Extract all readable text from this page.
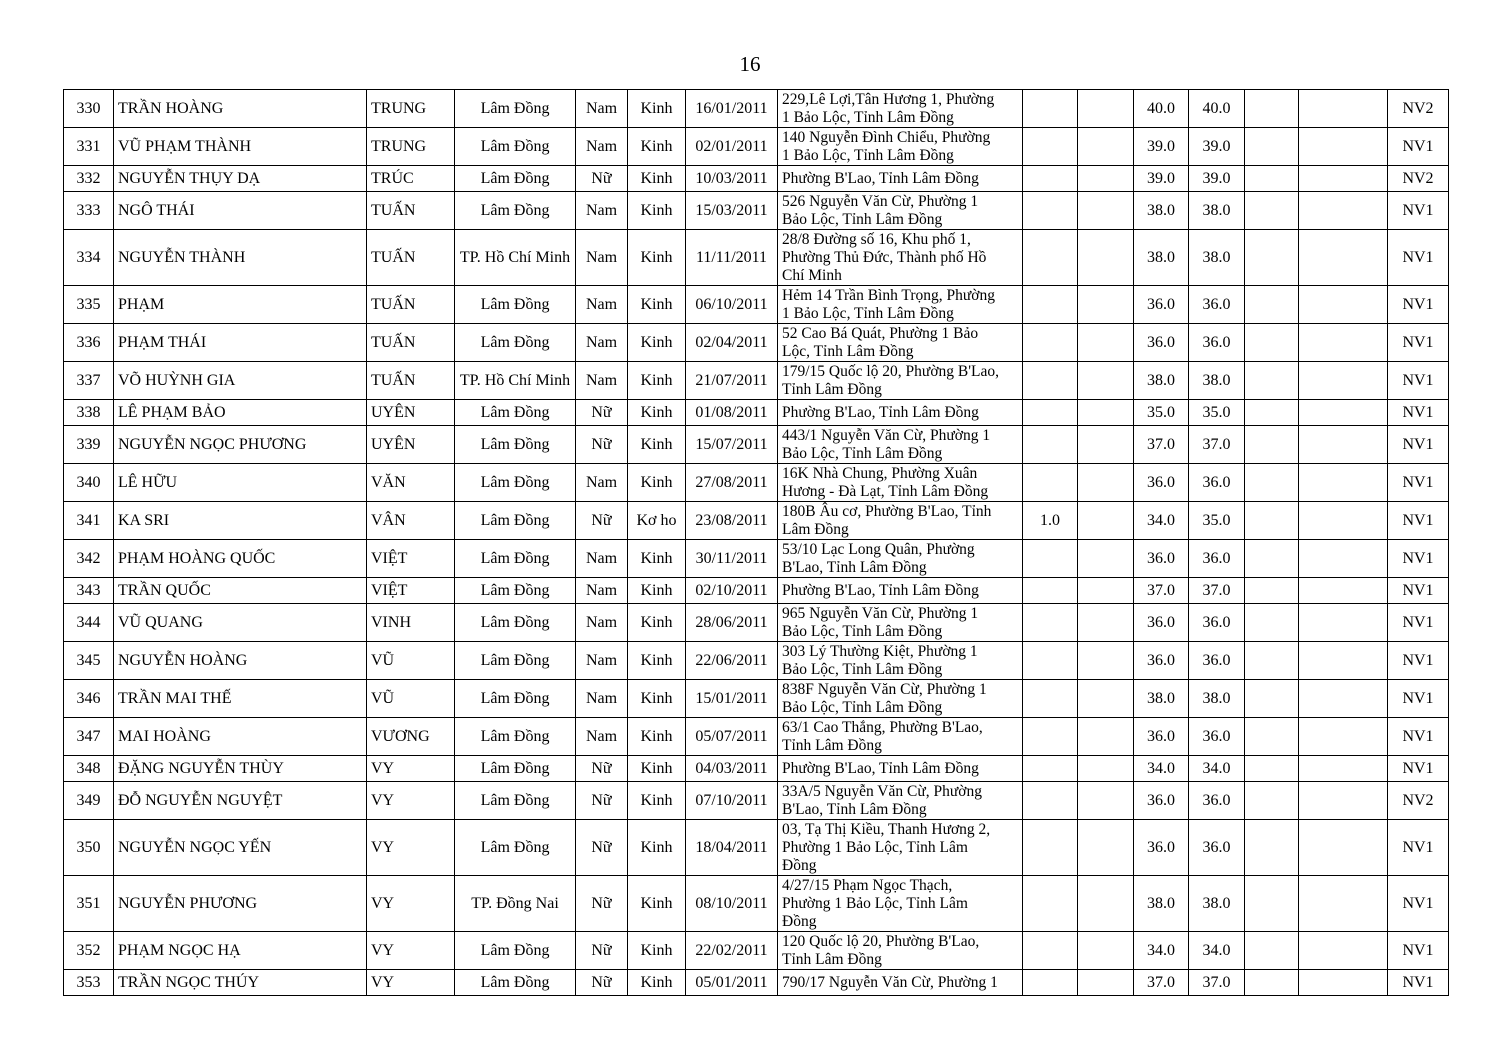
16
330	TRẦN HOÀNG	TRUNG	Lâm Đồng	Nam	Kinh	16/01/2011	229,Lê Lợi,Tân Hương 1, Phường
1 Bảo Lộc, Tỉnh Lâm Đồng			40.0	40.0			NV2
331	VŨ PHẠM THÀNH	TRUNG	Lâm Đồng	Nam	Kinh	02/01/2011	140 Nguyễn Đình Chiểu, Phường
1 Bảo Lộc, Tỉnh Lâm Đồng			39.0	39.0			NV1
332	NGUYỄN THỤY DẠ	TRÚC	Lâm Đồng	Nữ	Kinh	10/03/2011	Phường B'Lao, Tỉnh Lâm Đồng			39.0	39.0			NV2
333	NGÔ THÁI	TUẤN	Lâm Đồng	Nam	Kinh	15/03/2011	526 Nguyễn Văn Cừ, Phường 1
Bảo Lộc, Tỉnh Lâm Đồng			38.0	38.0			NV1
334	NGUYỄN THÀNH	TUẤN	TP. Hồ Chí Minh	Nam	Kinh	11/11/2011	28/8 Đường số 16, Khu phố 1,
Phường Thủ Đức, Thành phố Hồ
Chí Minh			38.0	38.0			NV1
335	PHẠM	TUẤN	Lâm Đồng	Nam	Kinh	06/10/2011	Hẻm 14 Trần Bình Trọng, Phường
1 Bảo Lộc, Tỉnh Lâm Đồng			36.0	36.0			NV1
336	PHẠM THÁI	TUẤN	Lâm Đồng	Nam	Kinh	02/04/2011	52 Cao Bá Quát, Phường 1 Bảo
Lộc, Tỉnh Lâm Đồng			36.0	36.0			NV1
337	VÕ HUỲNH GIA	TUẤN	TP. Hồ Chí Minh	Nam	Kinh	21/07/2011	179/15 Quốc lộ 20, Phường B'Lao,
Tỉnh Lâm Đồng			38.0	38.0			NV1
338	LÊ PHẠM BẢO	UYÊN	Lâm Đồng	Nữ	Kinh	01/08/2011	Phường B'Lao, Tỉnh Lâm Đồng			35.0	35.0			NV1
339	NGUYỄN NGỌC PHƯƠNG	UYÊN	Lâm Đồng	Nữ	Kinh	15/07/2011	443/1 Nguyễn Văn Cừ, Phường 1
Bảo Lộc, Tỉnh Lâm Đồng			37.0	37.0			NV1
340	LÊ HỮU	VĂN	Lâm Đồng	Nam	Kinh	27/08/2011	16K Nhà Chung, Phường Xuân
Hương - Đà Lạt, Tỉnh Lâm Đồng			36.0	36.0			NV1
341	KA SRI	VÂN	Lâm Đồng	Nữ	Kơ ho	23/08/2011	180B Âu cơ, Phường B'Lao, Tỉnh
Lâm Đồng	1.0		34.0	35.0			NV1
342	PHẠM HOÀNG QUỐC	VIỆT	Lâm Đồng	Nam	Kinh	30/11/2011	53/10 Lạc Long Quân, Phường
B'Lao, Tỉnh Lâm Đồng			36.0	36.0			NV1
343	TRẦN QUỐC	VIỆT	Lâm Đồng	Nam	Kinh	02/10/2011	Phường B'Lao, Tỉnh Lâm Đồng			37.0	37.0			NV1
344	VŨ QUANG	VINH	Lâm Đồng	Nam	Kinh	28/06/2011	965 Nguyễn Văn Cừ, Phường 1
Bảo Lộc, Tỉnh Lâm Đồng			36.0	36.0			NV1
345	NGUYỄN HOÀNG	VŨ	Lâm Đồng	Nam	Kinh	22/06/2011	303 Lý Thường Kiệt, Phường 1
Bảo Lộc, Tỉnh Lâm Đồng			36.0	36.0			NV1
346	TRẦN MAI THẾ	VŨ	Lâm Đồng	Nam	Kinh	15/01/2011	838F Nguyễn Văn Cừ, Phường 1
Bảo Lộc, Tỉnh Lâm Đồng			38.0	38.0			NV1
347	MAI HOÀNG	VƯƠNG	Lâm Đồng	Nam	Kinh	05/07/2011	63/1 Cao Thắng, Phường B'Lao,
Tỉnh Lâm Đồng			36.0	36.0			NV1
348	ĐẶNG NGUYỄN THÙY	VY	Lâm Đồng	Nữ	Kinh	04/03/2011	Phường B'Lao, Tỉnh Lâm Đồng			34.0	34.0			NV1
349	ĐỖ NGUYỄN NGUYỆT	VY	Lâm Đồng	Nữ	Kinh	07/10/2011	33A/5 Nguyễn Văn Cừ, Phường
B'Lao, Tỉnh Lâm Đồng			36.0	36.0			NV2
350	NGUYỄN NGỌC YẾN	VY	Lâm Đồng	Nữ	Kinh	18/04/2011	03, Tạ Thị Kiều, Thanh Hương 2,
Phường 1 Bảo Lộc, Tỉnh Lâm
Đồng			36.0	36.0			NV1
351	NGUYỄN PHƯƠNG	VY	TP. Đồng Nai	Nữ	Kinh	08/10/2011	4/27/15 Phạm Ngọc Thạch,
Phường 1 Bảo Lộc, Tỉnh Lâm
Đồng			38.0	38.0			NV1
352	PHẠM NGỌC HẠ	VY	Lâm Đồng	Nữ	Kinh	22/02/2011	120 Quốc lộ 20, Phường B'Lao,
Tỉnh Lâm Đồng			34.0	34.0			NV1
353	TRẦN NGỌC THÚY	VY	Lâm Đồng	Nữ	Kinh	05/01/2011	790/17 Nguyễn Văn Cừ, Phường 1			37.0	37.0			NV1
